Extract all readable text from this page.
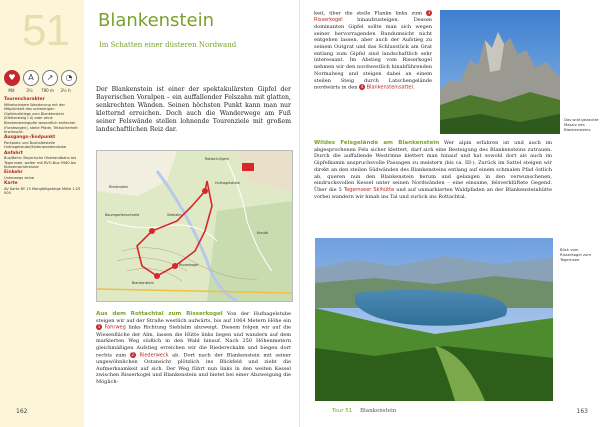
51
♥	A	↗	◔
Mit	3½	790 m	3½ h
Tourencharakter
Mittelschwere Wanderung mit der Möglichkeit des schwierigen Gipfelaufstiegs zum Blankenstein (Klettersteig I-II) oder ohne Blankensteingipfel wesentlich einfacher (Forstwegen), steile Pfade, Trittsicherheit erwünscht.
Ausgangs-/Endpunkt
Parkplatz und Bushaltestelle Hufnagelstube/Kistenwanderstube
Anfahrt
Bus/Bahn: Bayerische Oberlandbahn bis Tegernsee, weiter mit RVO-Bus 9560 bis Klotzenwinterstube
Einkehr
Unterwegs keine
Karte
AV Karte BY 15 Mangfallgebirge Mitte 1:25 000
Blankenstein
Im Schatten einer düsteren Nordwand
Der Blankenstein ist einer der spektakulärsten Gipfel der Bayerischen Voralpen – ein auffallender Felszahn mit glatten, senkrechten Wänden. Seinen höchsten Punkt kann man nur kletternd erreichen. Doch auch die Wanderwege am Fuß seiner Felswände stellen lohnende Tourenziele mit großem landschaftlichen Reiz dar.
Rottach-Egern
Riederstein
Baumgartenschneid
Risserkogel
Blankenstein
Kreuth
Hufnagelstube
Sieblalm
Aus dem Rottachtal zum Risserkogel Von der Hufnagelstube steigen wir auf der Straße westlich aufwärts, bis auf 1064 Metern Höhe ein 1 Fahrweg links Richtung Sieblalm abzweigt. Diesem folgen wir auf die Wiesenfläche der Alm, lassen die Hütte links liegen und wandern auf dem markierten Weg südlich in den Wald hinauf. Nach 250 Höhenmetern gleichmäßigen Aufstieg erreichen wir die Riedereckalm und biegen dort rechts zum 2 Riederweck ab. Dort nach der Blankenstein mit seiner ungewöhnlichen Ostansicht plötzlich ins Blickfeld und zieht die Aufmerksamkeit auf sich. Der Weg führt nun links in den weiten Kessel zwischen Risserkogel und Blankenstein und bietet bei einer Abzweigung die Möglich-
162
keit, über die steile Flanke links zum 3 Risserkogel	hinaufzusteigen. Dessen dominanten Gipfel sollte man sich wegen seiner hervorragenden Rundumsicht nicht entgehen lassen, aber auch der Aufstieg zu seinem Outgrat und das Schlusstück am Grat entlang zum Gipfel sind landschaftlich sehr interessant. Im Abstieg vom Risserkogel nehmen wir den nordwestlich hinabführenden Normalweg und steigen dabei an einem steilen Steig durch Latschengelände nordwärts in den 4 Blankensteinsattel.
Das wild gezackte Massiv des Blankensteins
Wildes Felsgelände am Blankenstein Wer alpin erfahren ist und auch im abgesprochenen Fels sicher klettert, darf sich eine Besteigung des Blankensteins zutrauen. Durch die auffallende Westrinne klettert man hinauf und hat sowohl dort als auch im Gipfelkamin anspruchsvolle Passagen zu meistern (bis ca. III-). Zurück im Sattel steigen wir direkt an den steilen Südwänden des Blankensteins entlang auf einem schmalen Pfad östlich ab, queren nun den Blankenstein herum und gelangen in den verwunschenen, eindrucksvollen Kessel unter seinen Nordwänden – eine einsame, felsverklüftete Gegend. Über die 5 Tegernseer Skihütte und auf unmarkierten Waldpfaden an der Blankensteinhütte vorbei wandern wir hinab ins Tal und zurück ins Rottachtal.
Blick vom Risserkogel zum Tegernsee
Tour 51 Blankenstein	163
